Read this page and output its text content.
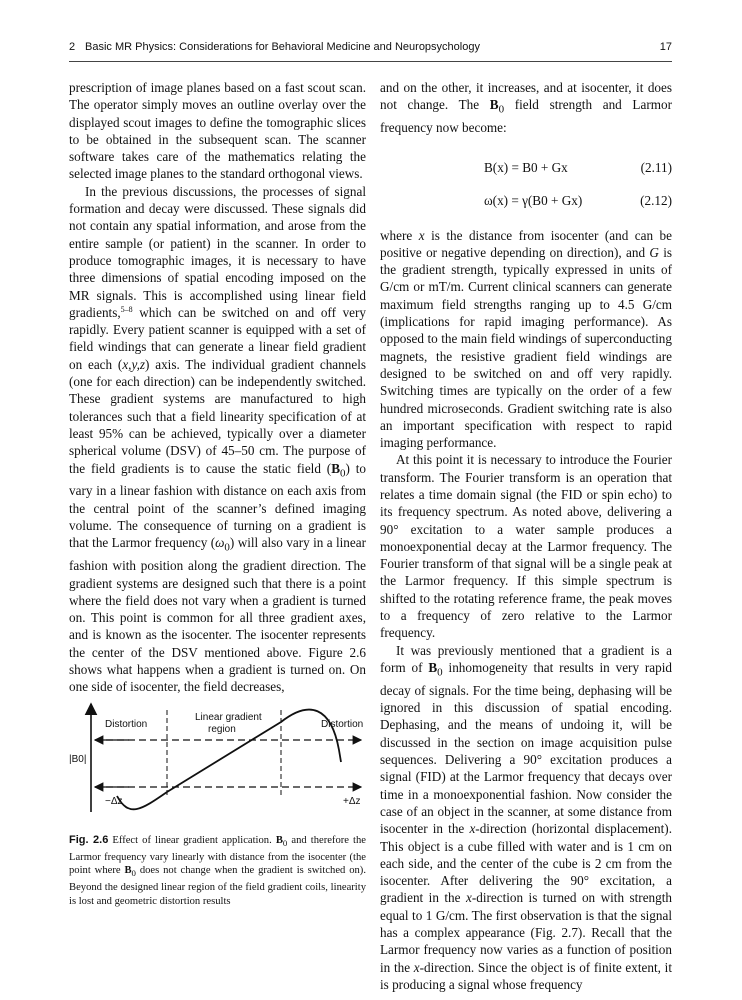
2 Basic MR Physics: Considerations for Behavioral Medicine and Neuropsychology	17

prescription of image planes based on a fast scout scan. The operator simply moves an outline overlay over the displayed scout images to define the tomographic slices to be obtained in the subsequent scan. The scanner software takes care of the mathematics relating the selected image planes to the standard orthogonal views.

In the previous discussions, the processes of signal formation and decay were discussed. These signals did not contain any spatial information, and arose from the entire sample (or patient) in the scanner. In order to produce tomographic images, it is necessary to have three dimensions of spatial encoding imposed on the MR signals. This is accomplished using linear field gradients,$^{5-8}$ which can be switched on and off very rapidly. Every patient scanner is equipped with a set of field windings that can generate a linear field gradient on each (x,y,z) axis. The individual gradient channels (one for each direction) can be independently switched. These gradient systems are manufactured to high tolerances such that a field linearity specification of at least 95% can be achieved, typically over a diameter spherical volume (DSV) of 45–50 cm. The purpose of the field gradients is to cause the static field $(B_0)$ to vary in a linear fashion with distance on each axis from the central point of the scanner’s defined imaging volume. The consequence of turning on a gradient is that the Larmor frequency $(\omega_0)$ will also vary in a linear fashion with position along the gradient direction. The gradient systems are designed such that there is a point where the field does not vary when a gradient is turned on. This point is common for all three gradient axes, and is known as the isocenter. The isocenter represents the center of the DSV mentioned above. Figure 2.6 shows what happens when a gradient is turned on. On one side of isocenter, the field decreases,

Distortion
Linear gradient
region	Distortion
|B0|
−Δz	+Δz
Fig. 2.6 Effect of linear gradient application. $B_0$ and therefore the Larmor frequency vary linearly with distance from the isocenter (the point where $B_0$ does not change when the gradient is switched on). Beyond the designed linear region of the field gradient coils, linearity is lost and geometric distortion results

and on the other, it increases, and at isocenter, it does not change. The $B_0$ field strength and Larmor frequency now become:

B(x) = B0 + Gx	(2.11)
ω(x) = γ(B0 + Gx)	(2.12)

where x is the distance from isocenter (and can be positive or negative depending on direction), and G is the gradient strength, typically expressed in units of G/cm or mT/m. Current clinical scanners can generate maximum field strengths ranging up to 4.5 G/cm (implications for rapid imaging performance). As opposed to the main field windings of superconducting magnets, the resistive gradient field windings are designed to be switched on and off very rapidly. Switching times are typically on the order of a few hundred microseconds. Gradient switching rate is also an important specification with respect to rapid imaging performance.

At this point it is necessary to introduce the Fourier transform. The Fourier transform is an operation that relates a time domain signal (the FID or spin echo) to its frequency spectrum. As noted above, delivering a 90° excitation to a water sample produces a monoexponential decay at the Larmor frequency. The Fourier transform of that signal will be a single peak at the Larmor frequency. If this simple spectrum is shifted to the rotating reference frame, the peak moves to a frequency of zero relative to the Larmor frequency.

It was previously mentioned that a gradient is a form of $B_0$ inhomogeneity that results in very rapid decay of signals. For the time being, dephasing will be ignored in this discussion of spatial encoding. Dephasing, and the means of undoing it, will be discussed in the section on image acquisition pulse sequences. Delivering a 90° excitation produces a signal (FID) at the Larmor frequency that decays over time in a monoexponential fashion. Now consider the case of an object in the scanner, at some distance from isocenter in the x-direction (horizontal displacement). This object is a cube filled with water and is 1 cm on each side, and the center of the cube is 2 cm from the isocenter. After delivering the 90° excitation, a gradient in the x-direction is turned on with strength equal to 1 G/cm. The first observation is that the signal has a complex appearance (Fig. 2.7). Recall that the Larmor frequency now varies as a function of position in the x-direction. Since the object is of finite extent, it is producing a signal whose frequency
